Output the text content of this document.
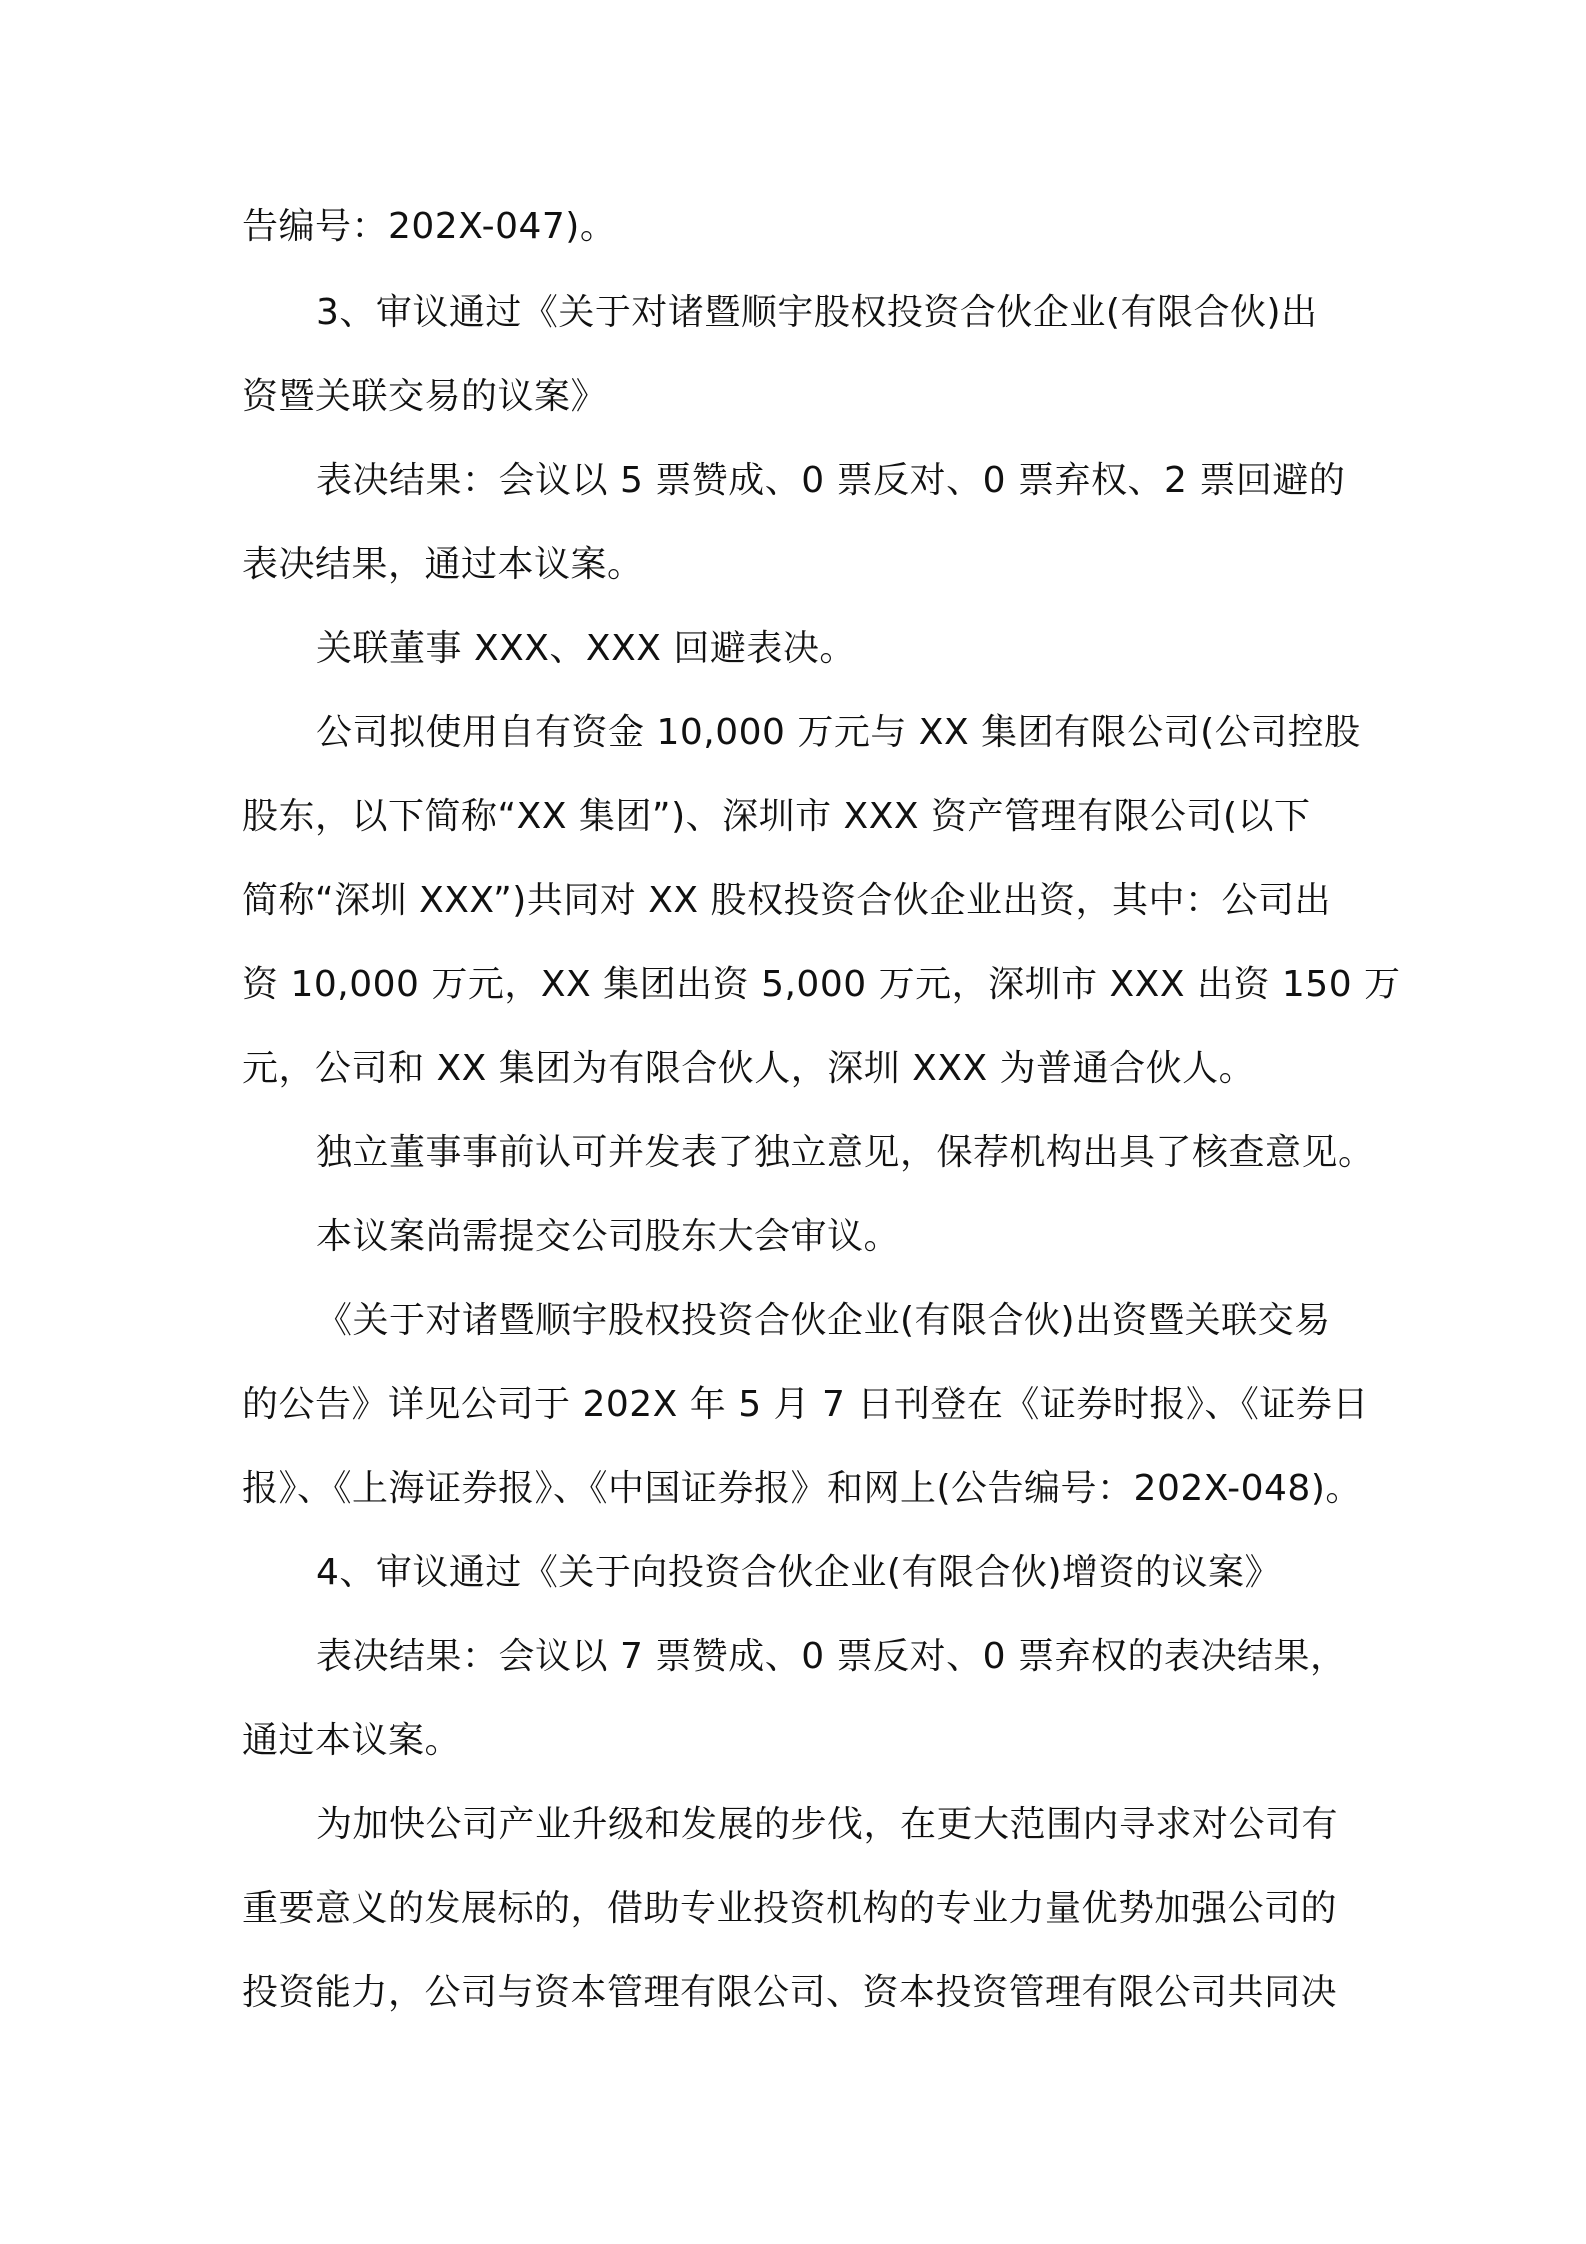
告编号：202X-047)。
3、审议通过《关于对诸暨顺宇股权投资合伙企业(有限合伙)出
资暨关联交易的议案》
表决结果：会议以 5 票赞成、0 票反对、0 票弃权、2 票回避的
表决结果，通过本议案。
关联董事 XXX、XXX 回避表决。
公司拟使用自有资金 10,000 万元与 XX 集团有限公司(公司控股
股东，以下简称“XX 集团”)、深圳市 XXX 资产管理有限公司(以下
简称“深圳 XXX”)共同对 XX 股权投资合伙企业出资，其中：公司出
资 10,000 万元，XX 集团出资 5,000 万元，深圳市 XXX 出资 150 万
元，公司和 XX 集团为有限合伙人，深圳 XXX 为普通合伙人。
独立董事事前认可并发表了独立意见，保荐机构出具了核查意见。
本议案尚需提交公司股东大会审议。
《关于对诸暨顺宇股权投资合伙企业(有限合伙)出资暨关联交易
的公告》详见公司于 202X 年 5 月 7 日刊登在《证券时报》、《证券日
报》、《上海证券报》、《中国证券报》和网上(公告编号：202X-048)。
4、审议通过《关于向投资合伙企业(有限合伙)增资的议案》
表决结果：会议以 7 票赞成、0 票反对、0 票弃权的表决结果，
通过本议案。
为加快公司产业升级和发展的步伐，在更大范围内寻求对公司有
重要意义的发展标的，借助专业投资机构的专业力量优势加强公司的
投资能力，公司与资本管理有限公司、资本投资管理有限公司共同决
